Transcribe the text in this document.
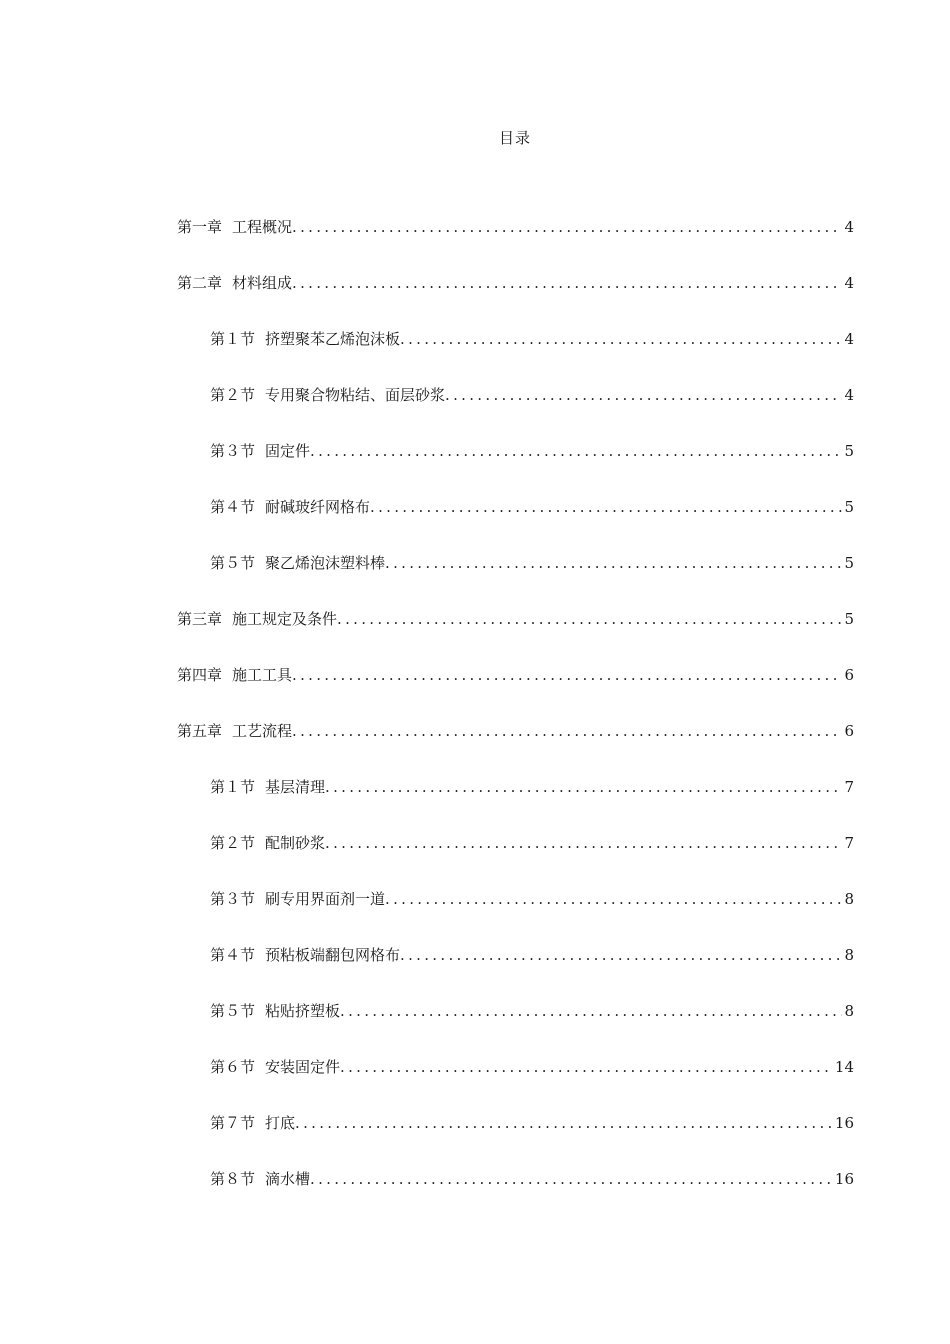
目录
第一章 工程概况 .....	4
第二章 材料组成 .....	4
第１节 挤塑聚苯乙烯泡沫板 .....	4
第２节 专用聚合物粘结、面层砂浆 .....	4
第３节 固定件 .....	5
第４节 耐碱玻纤网格布 .....	5
第５节 聚乙烯泡沫塑料棒 .....	5
第三章 施工规定及条件 .....	5
第四章 施工工具 .....	6
第五章 工艺流程 .....	6
第１节 基层清理 .....	7
第２节 配制砂浆 .....	7
第３节 刷专用界面剂一道 .....	8
第４节 预粘板端翻包网格布 .....	8
第５节 粘贴挤塑板 .....	8
第６节 安装固定件 .....	14
第７节 打底 .....	16
第８节 滴水槽 .....	16
